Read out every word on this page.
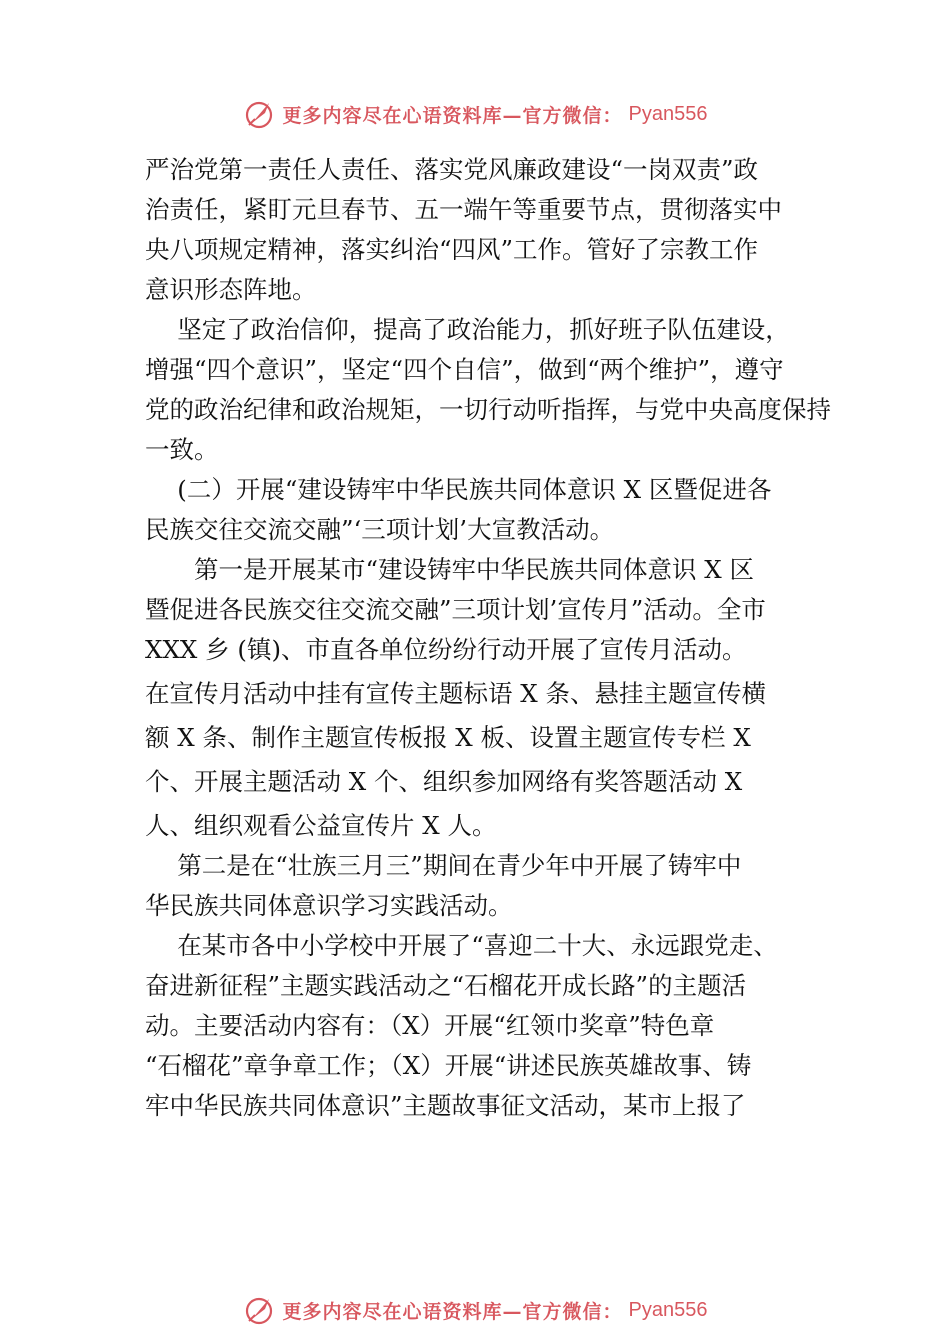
更多内容尽在心语资料库—官方微信： Pyan556
严治党第一责任人责任、落实党风廉政建设“一岗双责”政
治责任，紧盯元旦春节、五一端午等重要节点，贯彻落实中
央八项规定精神，落实纠治“四风”工作。管好了宗教工作
意识形态阵地。
　 坚定了政治信仰，提高了政治能力，抓好班子队伍建设，
增强“四个意识”，坚定“四个自信”，做到“两个维护”，遵守
党的政治纪律和政治规矩，一切行动听指挥，与党中央高度保持
一致。
　 (二）开展“建设铸牢中华民族共同体意识 X 区暨促进各
民族交往交流交融”‘三项计划’大宣教活动。
　　第一是开展某市“建设铸牢中华民族共同体意识 X 区
暨促进各民族交往交流交融”三项计划’宣传月”活动。全市
XXX 乡 (镇)、市直各单位纷纷行动开展了宣传月活动。
在宣传月活动中挂有宣传主题标语 X 条、悬挂主题宣传横
额 X 条、制作主题宣传板报 X 板、设置主题宣传专栏 X
个、开展主题活动 X 个、组织参加网络有奖答题活动 X
人、组织观看公益宣传片 X 人。
　 第二是在“壮族三月三”期间在青少年中开展了铸牢中
华民族共同体意识学习实践活动。
　 在某市各中小学校中开展了“喜迎二十大、永远跟党走、
奋进新征程”主题实践活动之“石榴花开成长路”的主题活
动。主要活动内容有：（X）开展“红领巾奖章”特色章
“石榴花”章争章工作；（X）开展“讲述民族英雄故事、铸
牢中华民族共同体意识”主题故事征文活动，某市上报了
更多内容尽在心语资料库—官方微信： Pyan556
